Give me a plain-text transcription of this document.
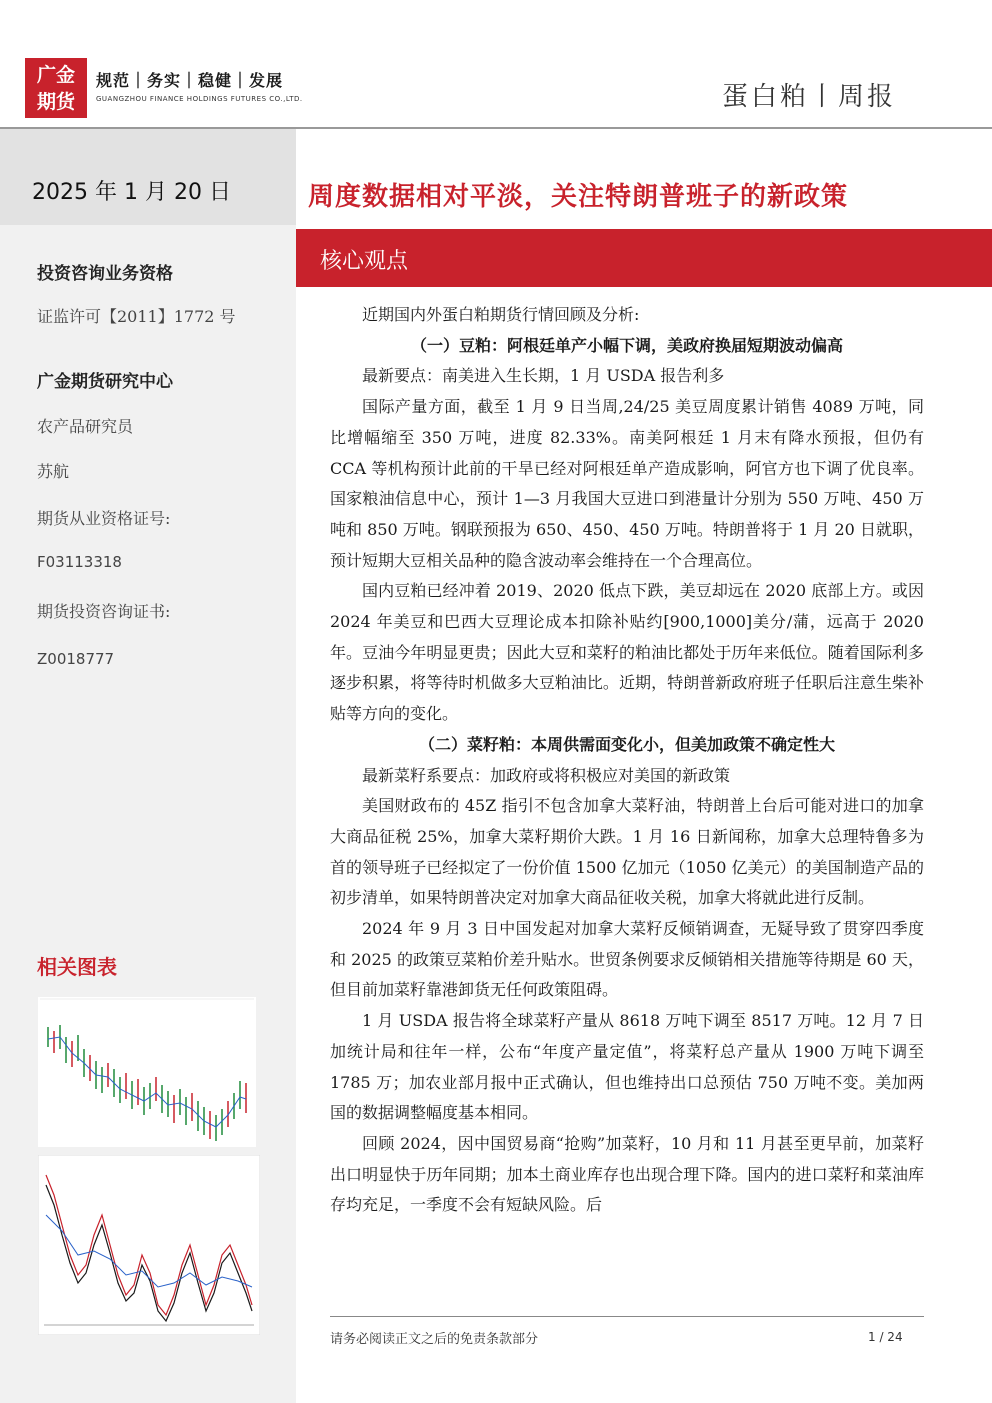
广金
期货
规范｜务实｜稳健｜发展
GUANGZHOU FINANCE HOLDINGS FUTURES CO.,LTD.	蛋白粕丨周报
2025 年 1 月 20 日
投资咨询业务资格
证监许可【2011】1772 号
广金期货研究中心
农产品研究员
苏航
期货从业资格证号:
F03113318
期货投资咨询证书:
Z0018777
相关图表
周度数据相对平淡，关注特朗普班子的新政策
核心观点

近期国内外蛋白粕期货行情回顾及分析:

（一）豆粕：阿根廷单产小幅下调，美政府换届短期波动偏高

最新要点：南美进入生长期，1 月 USDA 报告利多

国际产量方面，截至 1 月 9 日当周,24/25 美豆周度累计销售 4089 万吨，同比增幅缩至 350 万吨，进度 82.33%。南美阿根廷 1 月末有降水预报，但仍有 CCA 等机构预计此前的干旱已经对阿根廷单产造成影响，阿官方也下调了优良率。国家粮油信息中心，预计 1—3 月我国大豆进口到港量计分别为 550 万吨、450 万吨和 850 万吨。钢联预报为 650、450、450 万吨。特朗普将于 1 月 20 日就职，预计短期大豆相关品种的隐含波动率会维持在一个合理高位。

国内豆粕已经冲着 2019、2020 低点下跌，美豆却远在 2020 底部上方。或因 2024 年美豆和巴西大豆理论成本扣除补贴约[900,1000]美分/蒲，远高于 2020 年。豆油今年明显更贵；因此大豆和菜籽的粕油比都处于历年来低位。随着国际利多逐步积累，将等待时机做多大豆粕油比。近期，特朗普新政府班子任职后注意生柴补贴等方向的变化。

（二）菜籽粕：本周供需面变化小，但美加政策不确定性大

最新菜籽系要点：加政府或将积极应对美国的新政策

美国财政布的 45Z 指引不包含加拿大菜籽油，特朗普上台后可能对进口的加拿大商品征税 25%，加拿大菜籽期价大跌。1 月 16 日新闻称，加拿大总理特鲁多为首的领导班子已经拟定了一份价值 1500 亿加元（1050 亿美元）的美国制造产品的初步清单，如果特朗普决定对加拿大商品征收关税，加拿大将就此进行反制。

2024 年 9 月 3 日中国发起对加拿大菜籽反倾销调查，无疑导致了贯穿四季度和 2025 的政策豆菜粕价差升贴水。世贸条例要求反倾销相关措施等待期是 60 天，但目前加菜籽靠港卸货无任何政策阻碍。

1 月 USDA 报告将全球菜籽产量从 8618 万吨下调至 8517 万吨。12 月 7 日加统计局和往年一样，公布“年度产量定值”，将菜籽总产量从 1900 万吨下调至 1785 万；加农业部月报中正式确认，但也维持出口总预估 750 万吨不变。美加两国的数据调整幅度基本相同。

回顾 2024，因中国贸易商“抢购”加菜籽，10 月和 11 月甚至更早前，加菜籽出口明显快于历年同期；加本土商业库存也出现合理下降。国内的进口菜籽和菜油库存均充足，一季度不会有短缺风险。后

请务必阅读正文之后的免责条款部分	1 / 24
